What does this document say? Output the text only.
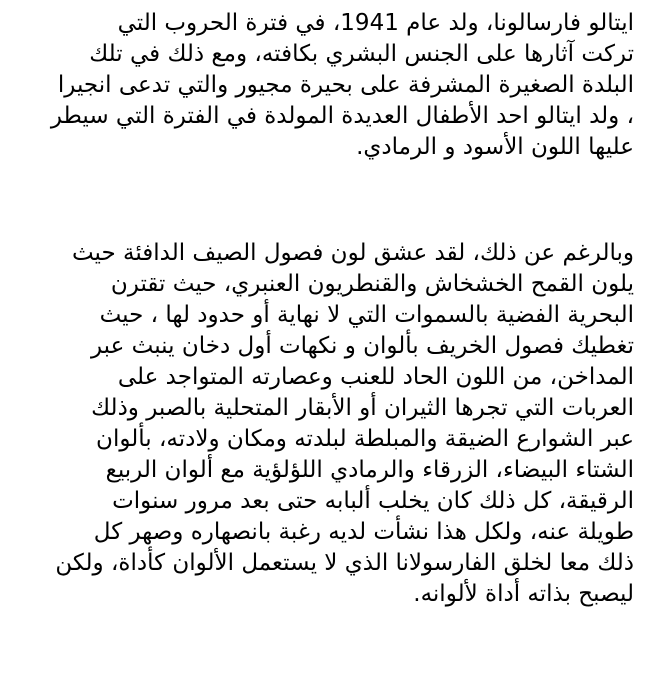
ايتالو فارسالونا، ولد عام 1941، في فترة الحروب التي
تركت آثارها على الجنس البشري بكافته، ومع ذلك في تلك
البلدة الصغيرة المشرفة على بحيرة مجيور والتي تدعى انجيرا
، ولد ايتالو احد الأطفال العديدة المولدة في الفترة التي سيطر
عليها اللون الأسود و الرمادي.
وبالرغم عن ذلك، لقد عشق لون فصول الصيف الدافئة حيث
يلون القمح الخشخاش والقنطريون العنبري، حيث تقترن
البحرية الفضية بالسموات التي لا نهاية أو حدود لها ، حيث
تغطيك فصول الخريف بألوان و نكهات أول دخان ينبث عبر
المداخن، من اللون الحاد للعنب وعصارته المتواجد على
العربات التي تجرها الثيران أو الأبقار المتحلية بالصبر وذلك
عبر الشوارع الضيقة والمبلطة لبلدته ومكان ولادته، بألوان
الشتاء البيضاء، الزرقاء والرمادي اللؤلؤية مع ألوان الربيع
الرقيقة، كل ذلك كان يخلب ألبابه حتى بعد مرور سنوات
طويلة عنه، ولكل هذا نشأت لديه رغبة بانصهاره وصهر كل
ذلك معا لخلق الفارسولانا الذي لا يستعمل الألوان كأداة، ولكن
ليصبح بذاته أداة لألوانه.
